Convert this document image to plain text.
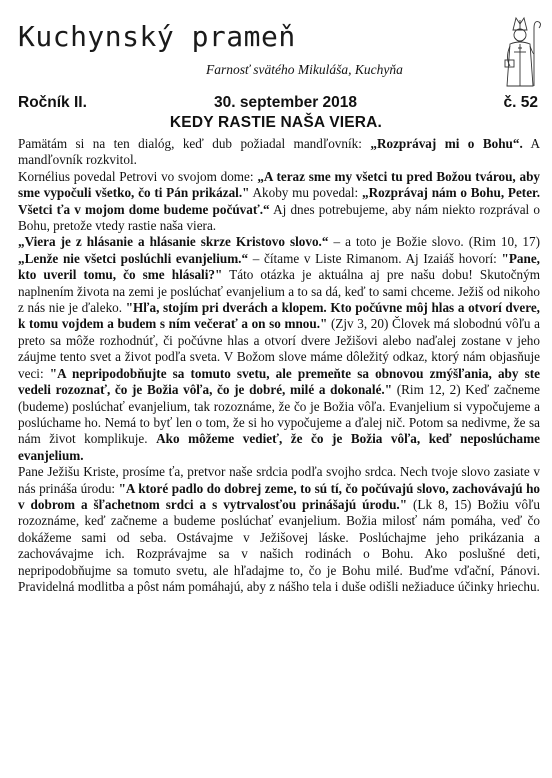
Kuchynský prameň
Farnosť svätého Mikuláša, Kuchyňa
Ročník II.	30. september 2018	č. 52
KEDY RASTIE NAŠA VIERA.

Pamätám si na ten dialóg, keď dub požiadal mandľovník: „Rozprávaj mi o Bohu“. A mandľovník rozkvitol.

Kornélius povedal Petrovi vo svojom dome: „A teraz sme my všetci tu pred Božou tvárou, aby sme vypočuli všetko, čo ti Pán prikázal." Akoby mu povedal: „Rozprávaj nám o Bohu, Peter. Všetci ťa v mojom dome budeme počúvať.“ Aj dnes potrebujeme, aby nám niekto rozprával o Bohu, pretože vtedy rastie naša viera.

„Viera je z hlásanie a hlásanie skrze Kristovo slovo.“ – a toto je Božie slovo. (Rim 10, 17) „Lenže nie všetci poslúchli evanjelium.“ – čítame v Liste Rimanom. Aj Izaiáš hovorí: "Pane, kto uveril tomu, čo sme hlásali?" Táto otázka je aktuálna aj pre našu dobu! Skutočným naplnením života na zemi je poslúchať evanjelium a to sa dá, keď to sami chceme. Ježiš od nikoho z nás nie je ďaleko. "Hľa, stojím pri dverách a klopem. Kto počúvne môj hlas a otvorí dvere, k tomu vojdem a budem s ním večerať a on so mnou." (Zjv 3, 20) Človek má slobodnú vôľu a preto sa môže rozhodnúť, či počúvne hlas a otvorí dvere Ježišovi alebo naďalej zostane v jeho záujme tento svet a život podľa sveta. V Božom slove máme dôležitý odkaz, ktorý nám objasňuje veci: "A nepripodobňujte sa tomuto svetu, ale premeňte sa obnovou zmýšľania, aby ste vedeli rozoznať, čo je Božia vôľa, čo je dobré, milé a dokonalé." (Rim 12, 2) Keď začneme (budeme) poslúchať evanjelium, tak rozoznáme, že čo je Božia vôľa. Evanjelium si vypočujeme a poslúchame ho. Nemá to byť len o tom, že si ho vypočujeme a ďalej nič. Potom sa nedivme, že sa nám život komplikuje. Ako môžeme vedieť, že čo je Božia vôľa, keď neposlúchame evanjelium.

Pane Ježišu Kriste, prosíme ťa, pretvor naše srdcia podľa svojho srdca. Nech tvoje slovo zasiate v nás prináša úrodu: "A ktoré padlo do dobrej zeme, to sú tí, čo počúvajú slovo, zachovávajú ho v dobrom a šľachetnom srdci a s vytrvalosťou prinášajú úrodu." (Lk 8, 15) Božiu vôľu rozoznáme, keď začneme a budeme poslúchať evanjelium. Božia milosť nám pomáha, veď čo dokážeme sami od seba. Ostávajme v Ježišovej láske. Poslúchajme jeho prikázania a zachovávajme ich. Rozprávajme sa v našich rodinách o Bohu. Ako poslušné deti, nepripodobňujme sa tomuto svetu, ale hľadajme to, čo je Bohu milé. Buďme vďační, Pánovi. Pravidelná modlitba a pôst nám pomáhajú, aby z nášho tela i duše odišli nežiaduce účinky hriechu.
